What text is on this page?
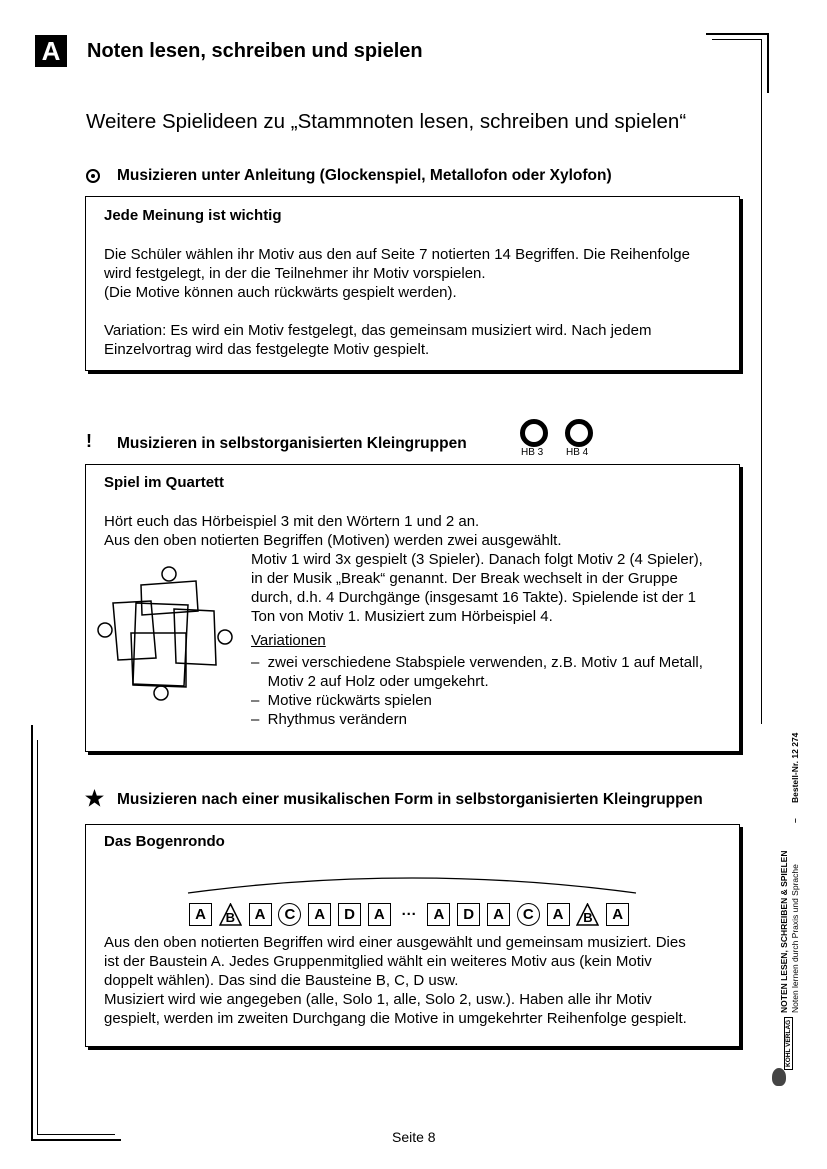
A	Noten lesen, schreiben und spielen
Weitere Spielideen zu „Stammnoten lesen, schreiben und spielen“
Musizieren unter Anleitung (Glockenspiel, Metallofon oder Xylofon)
Jede Meinung ist wichtig

Die Schüler wählen ihr Motiv aus den auf Seite 7 notierten 14 Begriffen. Die Reihenfolge

wird festgelegt, in der die Teilnehmer ihr Motiv vorspielen.

(Die Motive können auch rückwärts gespielt werden).

Variation: Es wird ein Motiv festgelegt, das gemeinsam musiziert wird. Nach jedem

Einzelvortrag wird das festgelegte Motiv gespielt.

! Musizieren in selbstorganisierten Kleingruppen
HB 3 HB 4
Spiel im Quartett

Hört euch das Hörbeispiel 3 mit den Wörtern 1 und 2 an.

Aus den oben notierten Begriffen (Motiven) werden zwei ausgewählt.

Motiv 1 wird 3x gespielt (3 Spieler). Danach folgt Motiv 2 (4 Spieler),

in der Musik „Break“ genannt. Der Break wechselt in der Gruppe

durch, d.h. 4 Durchgänge (insgesamt 16 Takte). Spielende ist der 1

Ton von Motiv 1. Musiziert zum Hörbeispiel 4.

Variationen

–  zwei verschiedene Stabspiele verwenden, z.B. Motiv 1 auf Metall,

Motiv 2 auf Holz oder umgekehrt.

–  Motive rückwärts spielen

–  Rhythmus verändern

Musizieren nach einer musikalischen Form in selbstorganisierten Kleingruppen
Das Bogenrondo
A B A C A D A ··· A D A C A B A

Aus den oben notierten Begriffen wird einer ausgewählt und gemeinsam musiziert. Dies

ist der Baustein A. Jedes Gruppenmitglied wählt ein weiteres Motiv aus (kein Motiv

doppelt wählen). Das sind die Bausteine B, C, D usw.

Musiziert wird wie angegeben (alle, Solo 1, alle, Solo 2, usw.). Haben alle ihr Motiv

gespielt, werden im zweiten Durchgang die Motive in umgekehrter Reihenfolge gespielt.

Bestell-Nr. 12 274
–
NOTEN LESEN, SCHREIBEN & SPIELEN Noten lernen durch Praxis und Sprache
KOHL VERLAG
Seite 8
